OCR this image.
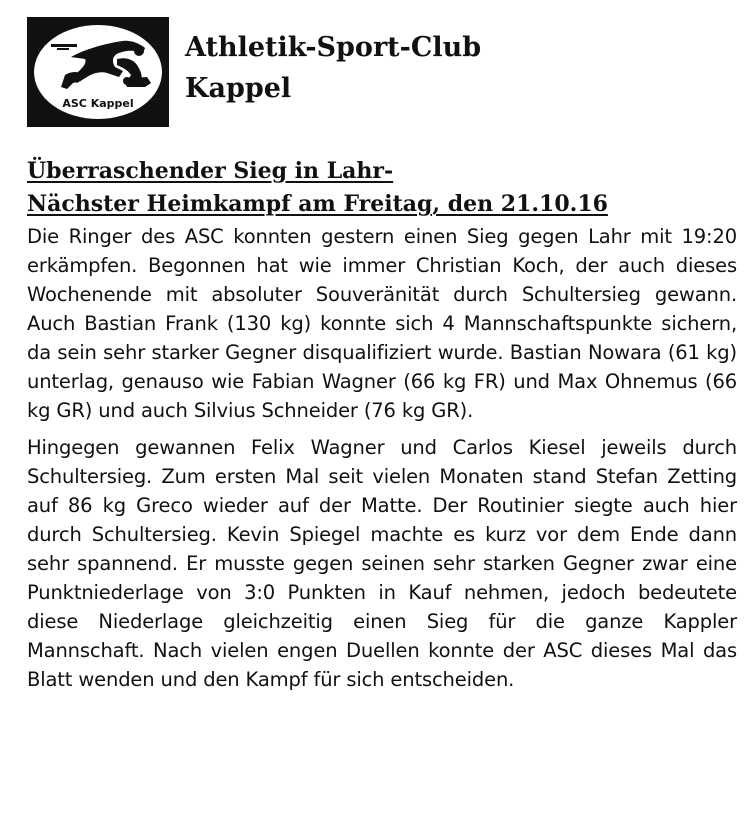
ASC Kappel
Athletik-Sport-Club
Kappel
Überraschender Sieg in Lahr-
Nächster Heimkampf am Freitag, den 21.10.16

Die Ringer des ASC konnten gestern einen Sieg gegen Lahr mit 19:20 erkämpfen. Begonnen hat wie immer Christian Koch, der auch dieses Wochenende mit absoluter Souveränität durch Schultersieg gewann. Auch Bastian Frank (130 kg) konnte sich 4 Mannschaftspunkte sichern, da sein sehr starker Gegner disqualifiziert wurde. Bastian Nowara (61 kg) unterlag, genauso wie Fabian Wagner (66 kg FR) und Max Ohnemus (66 kg GR) und auch Silvius Schneider (76 kg GR).

Hingegen gewannen Felix Wagner und Carlos Kiesel jeweils durch Schultersieg. Zum ersten Mal seit vielen Monaten stand Stefan Zetting auf 86 kg Greco wieder auf der Matte. Der Routinier siegte auch hier durch Schultersieg. Kevin Spiegel machte es kurz vor dem Ende dann sehr spannend. Er musste gegen seinen sehr starken Gegner zwar eine Punktniederlage von 3:0 Punkten in Kauf nehmen, jedoch bedeutete diese Niederlage gleichzeitig einen Sieg für die ganze Kappler Mannschaft. Nach vielen engen Duellen konnte der ASC dieses Mal das Blatt wenden und den Kampf für sich entscheiden.
